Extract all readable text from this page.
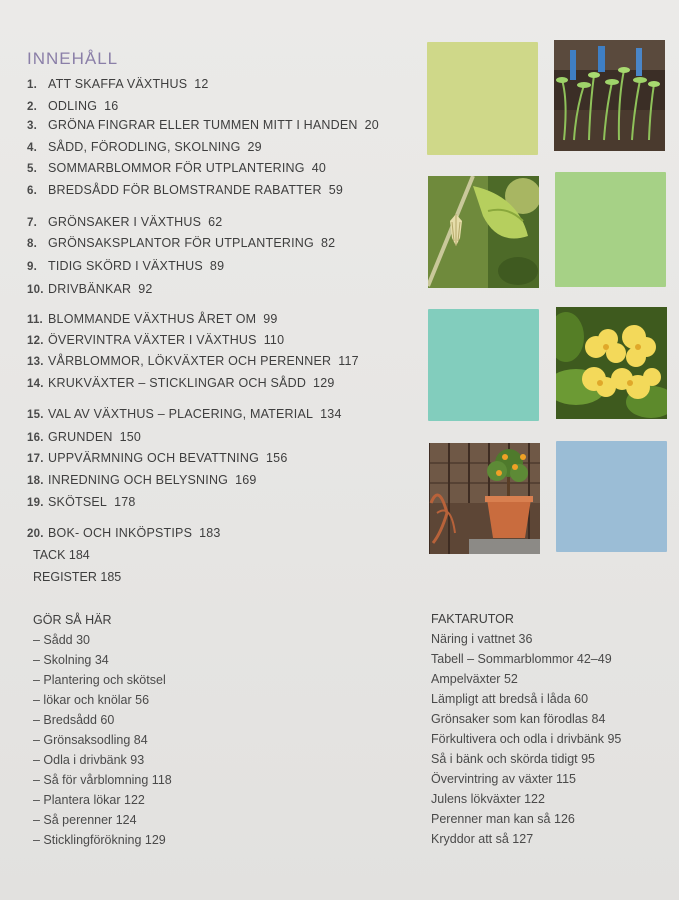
INNEHÅLL
1. ATT SKAFFA VÄXTHUS 12
2. ODLING 16
3. GRÖNA FINGRAR ELLER TUMMEN MITT I HANDEN 20
4. SÅDD, FÖRODLING, SKOLNING 29
5. SOMMARBLOMMOR FÖR UTPLANTERING 40
6. BREDSÅDD FÖR BLOMSTRANDE RABATTER 59
7. GRÖNSAKER I VÄXTHUS 62
8. GRÖNSAKSPLANTOR FÖR UTPLANTERING 82
9. TIDIG SKÖRD I VÄXTHUS 89
10. DRIVBÄNKAR 92
11. BLOMMANDE VÄXTHUS ÅRET OM 99
12. ÖVERVINTRA VÄXTER I VÄXTHUS 110
13. VÅRBLOMMOR, LÖKVÄXTER OCH PERENNER 117
14. KRUKVÄXTER – STICKLINGAR OCH SÅDD 129
15. VAL AV VÄXTHUS – PLACERING, MATERIAL 134
16. GRUNDEN 150
17. UPPVÄRMNING OCH BEVATTNING 156
18. INREDNING OCH BELYSNING 169
19. SKÖTSEL 178
20. BOK- OCH INKÖPSTIPS 183
TACK 184
REGISTER 185
GÖR SÅ HÄR
– Sådd 30
– Skolning 34
– Plantering och skötsel
– lökar och knölar 56
– Bredsådd 60
– Grönsaksodling 84
– Odla i drivbänk 93
– Så för vårblomning 118
– Plantera lökar 122
– Så perenner 124
– Sticklingförökning 129
FAKTARUTOR
Näring i vattnet 36
Tabell – Sommarblommor 42–49
Ampelväxter 52
Lämpligt att bredså i låda 60
Grönsaker som kan förodlas 84
Förkultivera och odla i drivbänk 95
Så i bänk och skörda tidigt 95
Övervintring av växter 115
Julens lökväxter 122
Perenner man kan så 126
Kryddor att så 127
